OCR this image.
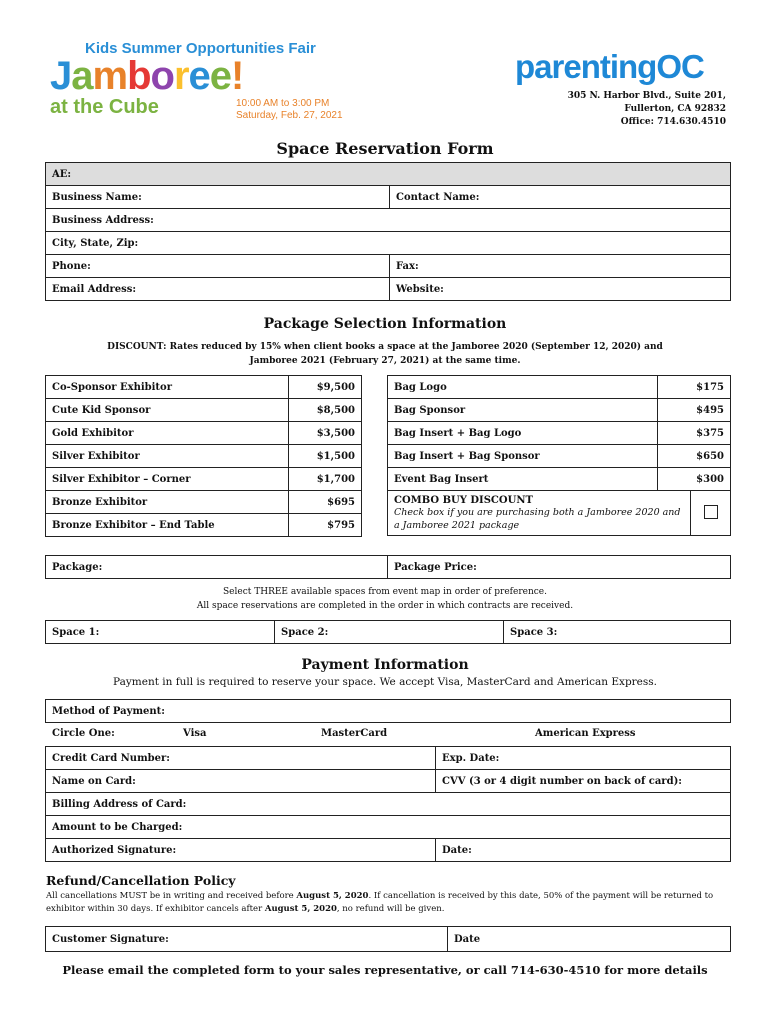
Kids Summer Opportunities Fair
Jamboree!
at the Cube	10:00 AM to 3:00 PM
Saturday, Feb. 27, 2021
parentingOC
305 N. Harbor Blvd., Suite 201,
Fullerton, CA 92832
Office: 714.630.4510
Space Reservation Form
AE:	
Business Name:	Contact Name:
Business Address:	
City, State, Zip:	
Phone:	Fax:
Email Address:	Website:
Package Selection Information
DISCOUNT: Rates reduced by 15% when client books a space at the Jamboree 2020 (September 12, 2020) and
Jamboree 2021 (February 27, 2021) at the same time.
Co-Sponsor Exhibitor	$9,500
Cute Kid Sponsor	$8,500
Gold Exhibitor	$3,500
Silver Exhibitor	$1,500
Silver Exhibitor – Corner	$1,700
Bronze Exhibitor	$695
Bronze Exhibitor – End Table	$795
Bag Logo	$175
Bag Sponsor	$495
Bag Insert + Bag Logo	$375
Bag Insert + Bag Sponsor	$650
Event Bag Insert	$300
COMBO BUY DISCOUNT
Check box if you are purchasing both a Jamboree 2020 and a Jamboree 2021 package

Package:	Package Price:
Select THREE available spaces from event map in order of preference.
All space reservations are completed in the order in which contracts are received.
Space 1:	Space 2:	Space 3:
Payment Information
Payment in full is required to reserve your space. We accept Visa, MasterCard and American Express.
Method of Payment:
Circle One:	Visa	MasterCard	American Express
Credit Card Number:	Exp. Date:
Name on Card:	CVV (3 or 4 digit number on back of card):
Billing Address of Card:	
Amount to be Charged:	
Authorized Signature:	Date:
Refund/Cancellation Policy
All cancellations MUST be in writing and received before August 5, 2020. If cancellation is received by this date, 50% of the payment will be returned to exhibitor within 30 days. If exhibitor cancels after August 5, 2020, no refund will be given.
Customer Signature:	Date
Please email the completed form to your sales representative, or call 714-630-4510 for more details
